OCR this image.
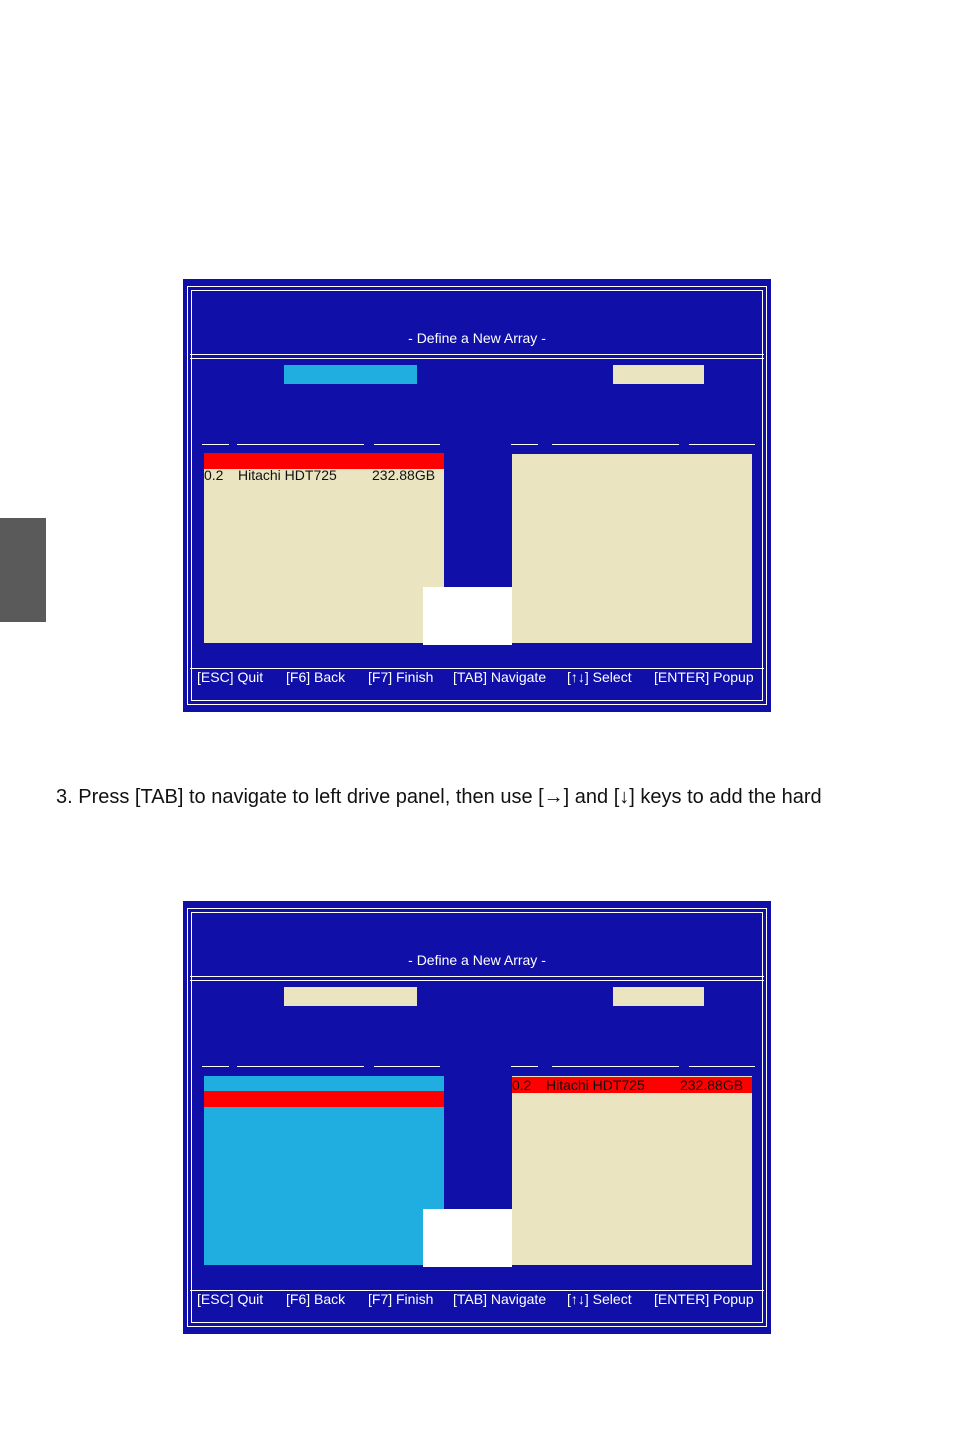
- Define a New Array -
0.2 Hitachi HDT725	232.88GB
[ESC] Quit [F6] Back [F7] Finish [TAB] Navigate [↑↓] Select [ENTER] Popup
3. Press [TAB] to navigate to left drive panel, then use [→] and [↓] keys to add the hard
- Define a New Array -
0.2 Hitachi HDT725	232.88GB
[ESC] Quit [F6] Back [F7] Finish [TAB] Navigate [↑↓] Select [ENTER] Popup
